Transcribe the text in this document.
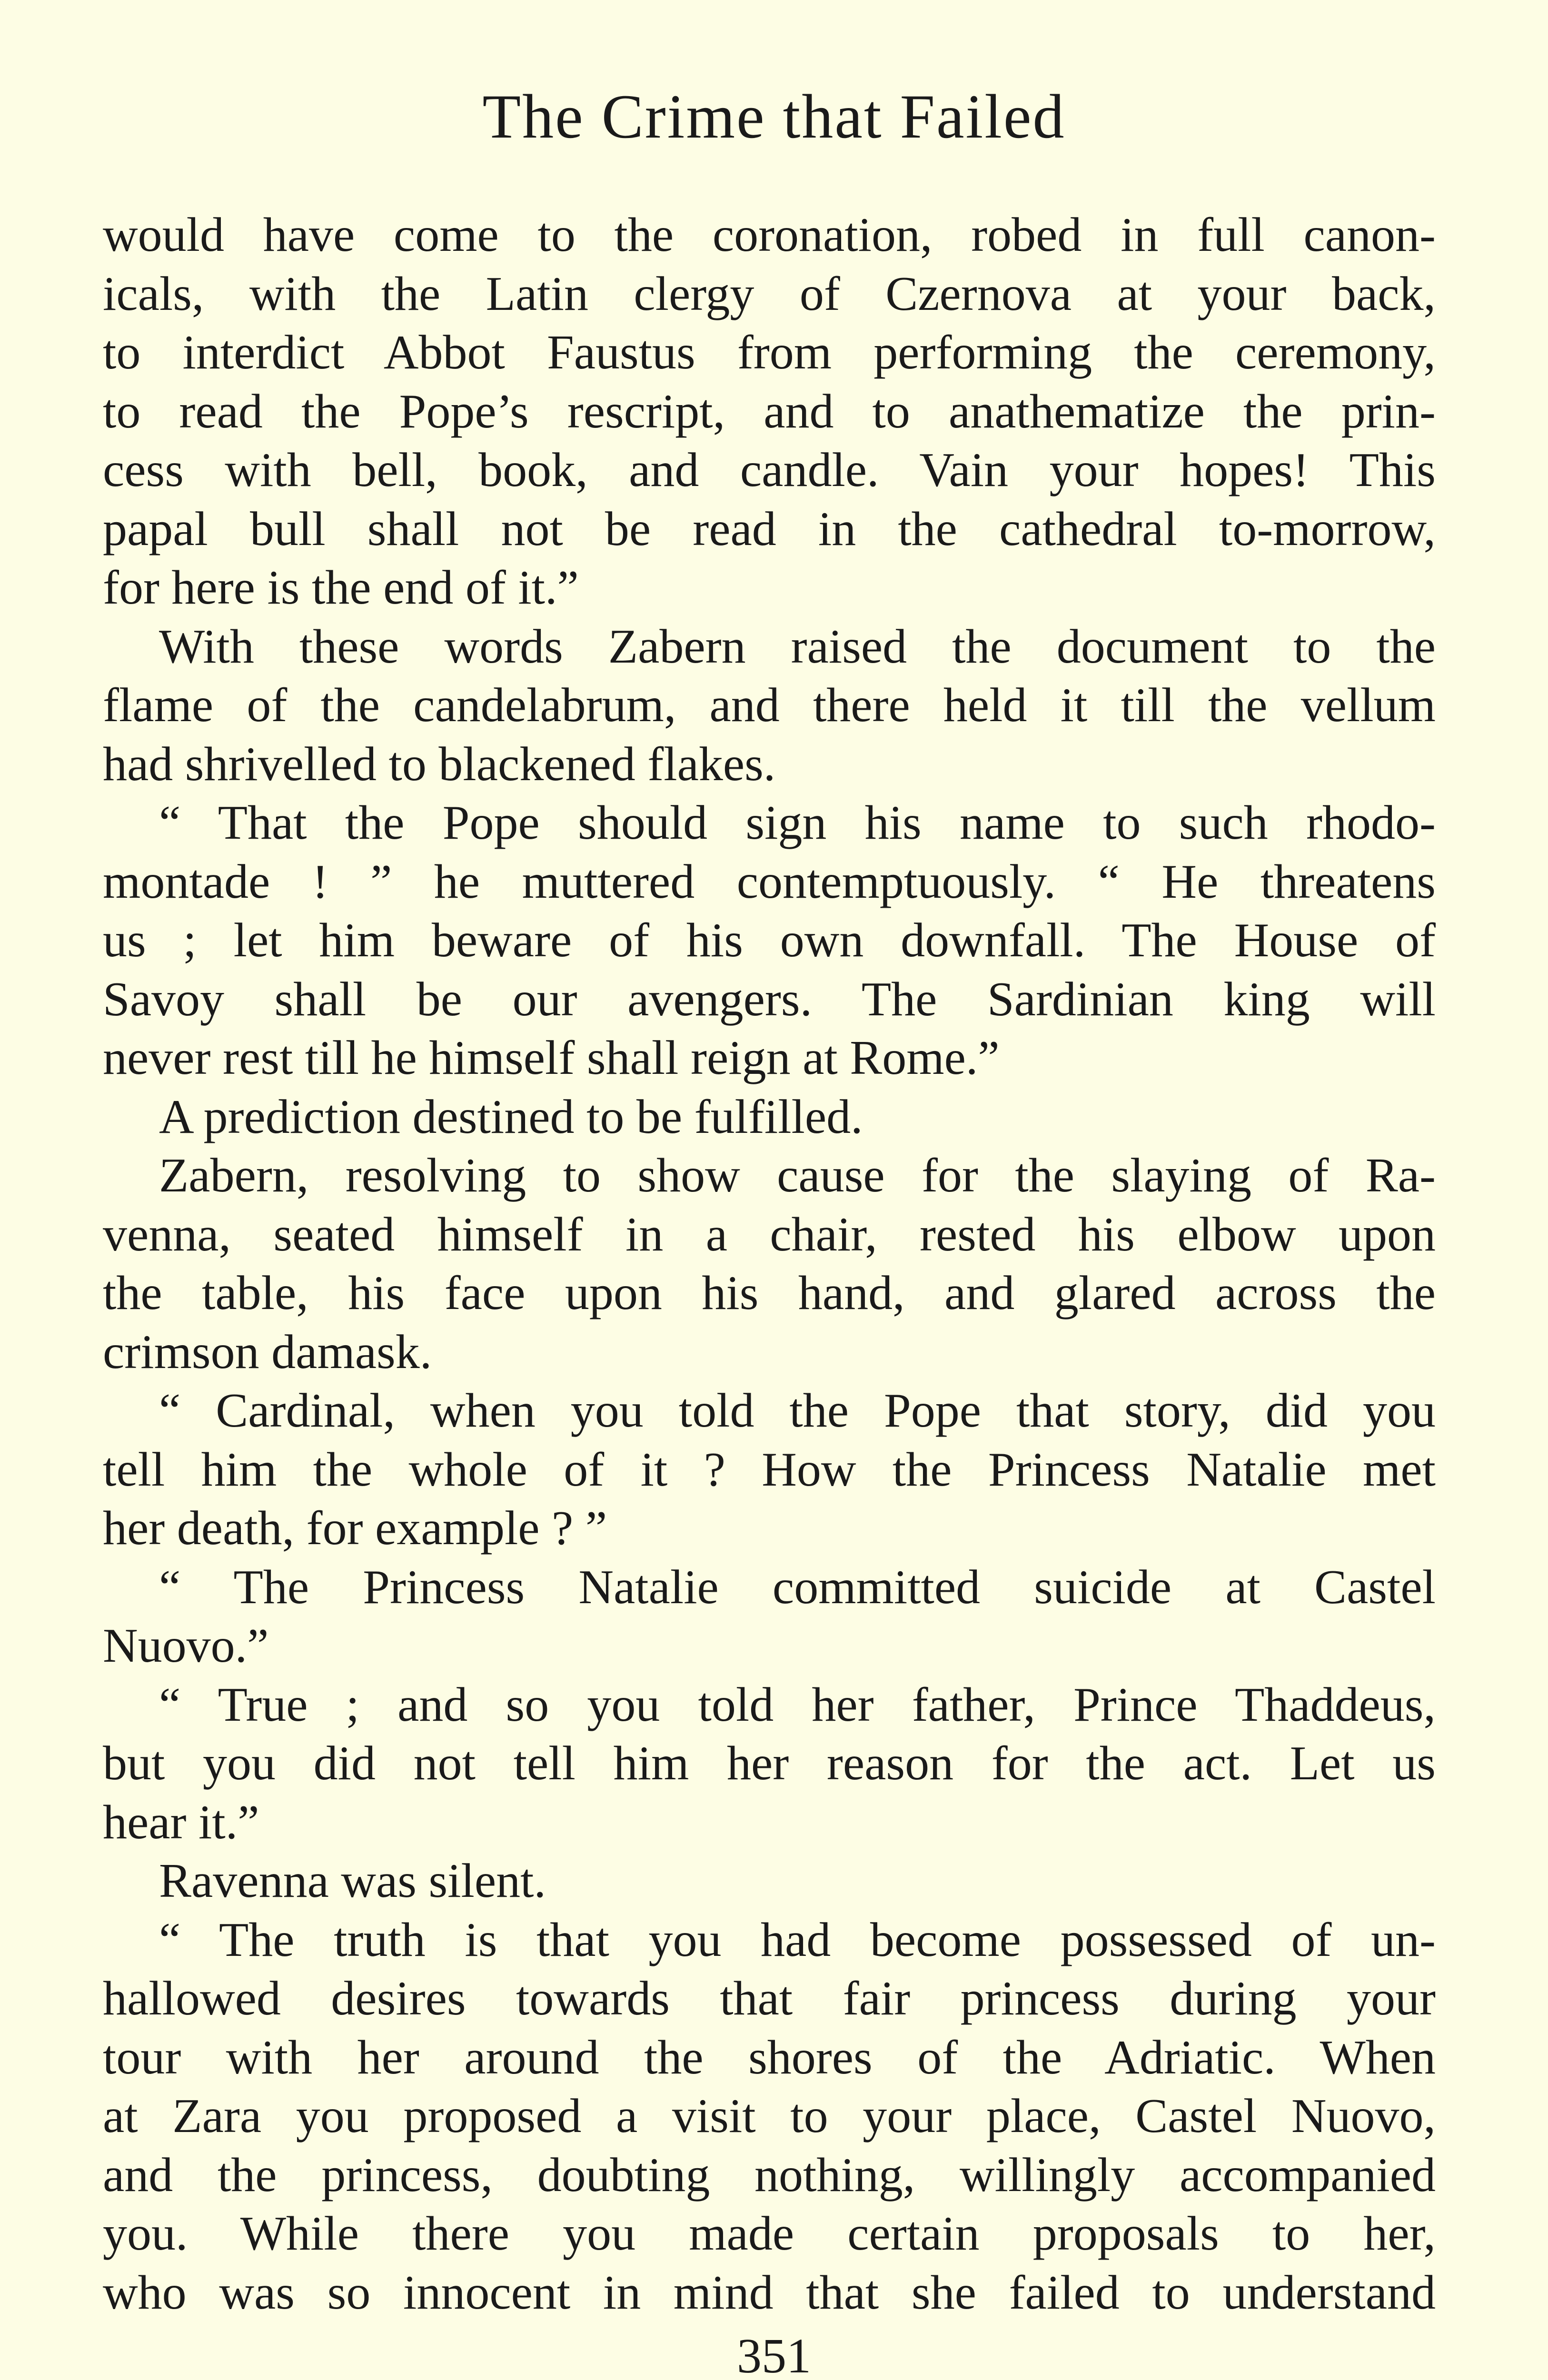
The Crime that Failed
would have come to the coronation, robed in full canon-
icals, with the Latin clergy of Czernova at your back,
to interdict Abbot Faustus from performing the ceremony,
to read the Pope’s rescript, and to anathematize the prin-
cess with bell, book, and candle. Vain your hopes! This
papal bull shall not be read in the cathedral to-morrow,
for here is the end of it.”
With these words Zabern raised the document to the
flame of the candelabrum, and there held it till the vellum
had shrivelled to blackened flakes.
“ That the Pope should sign his name to such rhodo-
montade ! ” he muttered contemptuously. “ He threatens
us ; let him beware of his own downfall. The House of
Savoy shall be our avengers. The Sardinian king will
never rest till he himself shall reign at Rome.”
A prediction destined to be fulfilled.
Zabern, resolving to show cause for the slaying of Ra-
venna, seated himself in a chair, rested his elbow upon
the table, his face upon his hand, and glared across the
crimson damask.
“ Cardinal, when you told the Pope that story, did you
tell him the whole of it ? How the Princess Natalie met
her death, for example ? ”
“ The Princess Natalie committed suicide at Castel
Nuovo.”
“ True ; and so you told her father, Prince Thaddeus,
but you did not tell him her reason for the act. Let us
hear it.”
Ravenna was silent.
“ The truth is that you had become possessed of un-
hallowed desires towards that fair princess during your
tour with her around the shores of the Adriatic. When
at Zara you proposed a visit to your place, Castel Nuovo,
and the princess, doubting nothing, willingly accompanied
you. While there you made certain proposals to her,
who was so innocent in mind that she failed to understand
351
